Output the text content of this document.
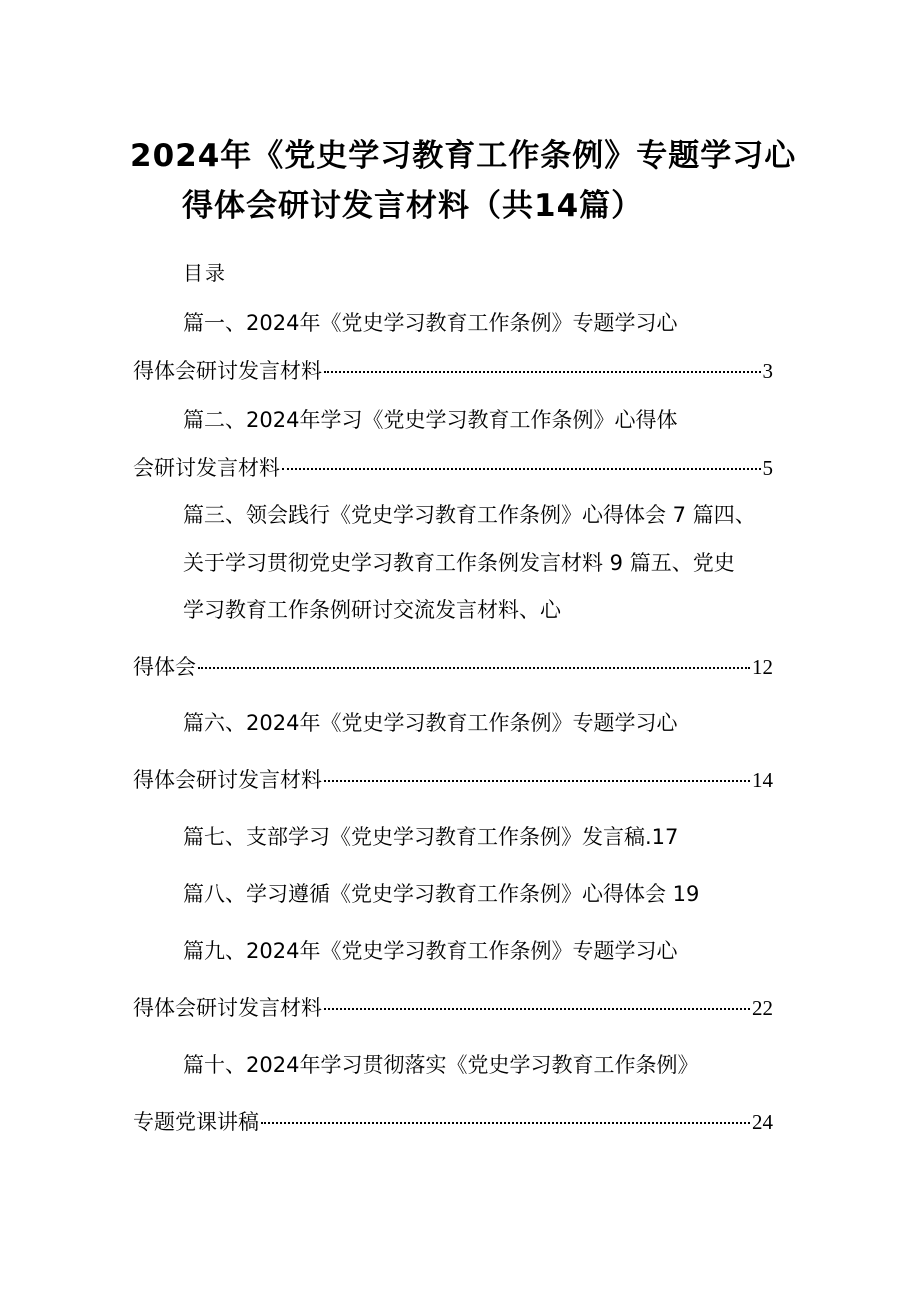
2024年《党史学习教育工作条例》专题学习心
得体会研讨发言材料（共14篇）
目录
篇一、2024年《党史学习教育工作条例》专题学习心
得体会研讨发言材料	3
篇二、2024年学习《党史学习教育工作条例》心得体
会研讨发言材料	5
篇三、领会践行《党史学习教育工作条例》心得体会 7 篇四、
关于学习贯彻党史学习教育工作条例发言材料 9 篇五、党史
学习教育工作条例研讨交流发言材料、心
得体会	12
篇六、2024年《党史学习教育工作条例》专题学习心
得体会研讨发言材料	14
篇七、支部学习《党史学习教育工作条例》发言稿.17
篇八、学习遵循《党史学习教育工作条例》心得体会 19
篇九、2024年《党史学习教育工作条例》专题学习心
得体会研讨发言材料	22
篇十、2024年学习贯彻落实《党史学习教育工作条例》
专题党课讲稿	24
